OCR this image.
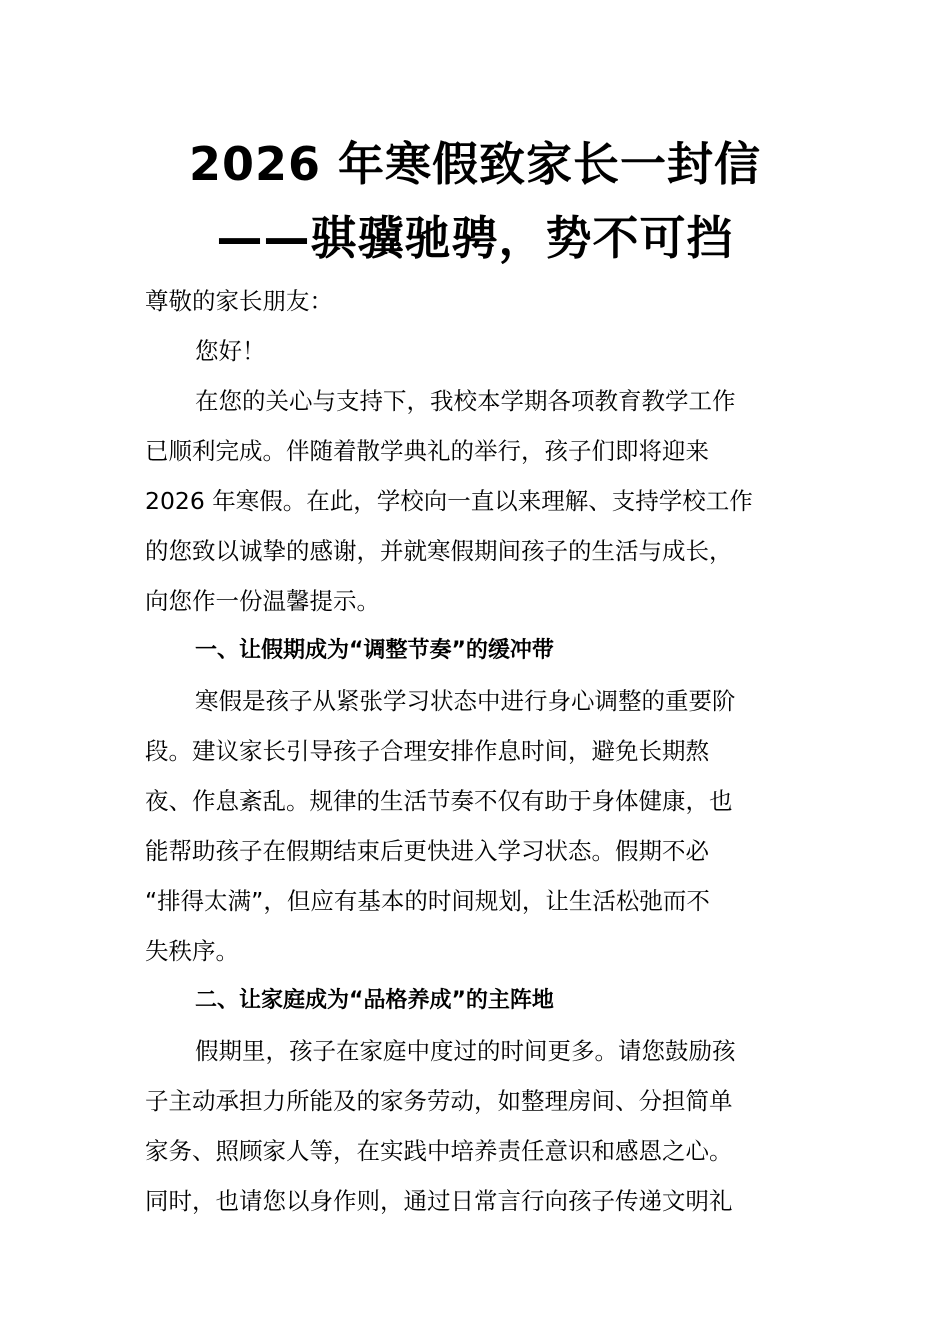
2026 年寒假致家长一封信
——骐骥驰骋，势不可挡
尊敬的家长朋友：
您好！
在您的关心与支持下，我校本学期各项教育教学工作
已顺利完成。伴随着散学典礼的举行，孩子们即将迎来
2026 年寒假。在此，学校向一直以来理解、支持学校工作
的您致以诚挚的感谢，并就寒假期间孩子的生活与成长，
向您作一份温馨提示。
一、让假期成为“调整节奏”的缓冲带
寒假是孩子从紧张学习状态中进行身心调整的重要阶
段。建议家长引导孩子合理安排作息时间，避免长期熬
夜、作息紊乱。规律的生活节奏不仅有助于身体健康，也
能帮助孩子在假期结束后更快进入学习状态。假期不必
“排得太满”，但应有基本的时间规划，让生活松弛而不
失秩序。
二、让家庭成为“品格养成”的主阵地
假期里，孩子在家庭中度过的时间更多。请您鼓励孩
子主动承担力所能及的家务劳动，如整理房间、分担简单
家务、照顾家人等，在实践中培养责任意识和感恩之心。
同时，也请您以身作则，通过日常言行向孩子传递文明礼
